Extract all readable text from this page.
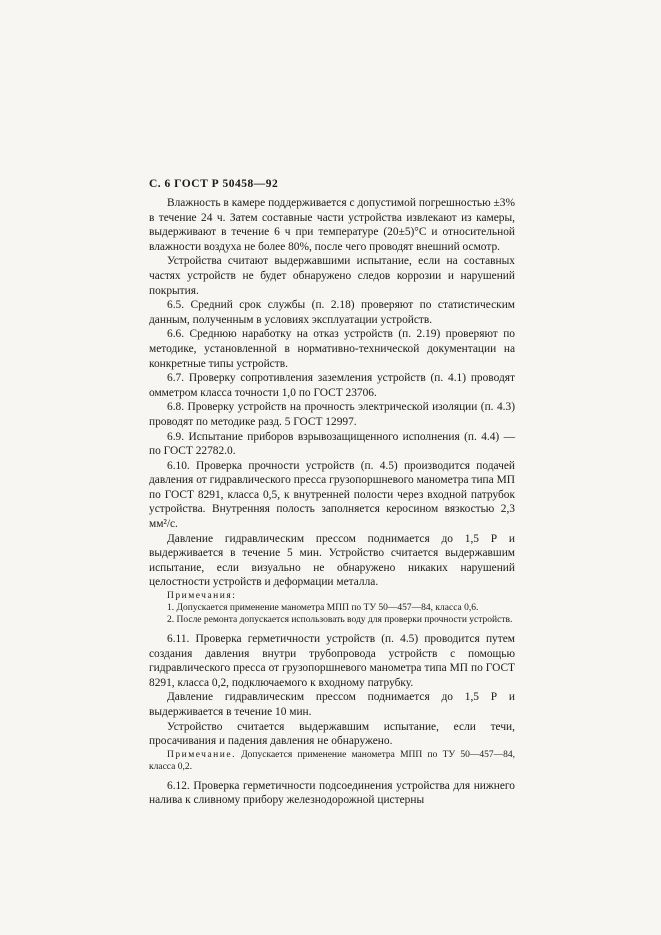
С. 6 ГОСТ Р 50458—92

Влажность в камере поддерживается с допустимой погрешностью ±3% в течение 24 ч. Затем составные части устройства извлекают из камеры, выдерживают в течение 6 ч при температуре (20±5)°С и относительной влажности воздуха не более 80%, после чего проводят внешний осмотр.

Устройства считают выдержавшими испытание, если на составных частях устройств не будет обнаружено следов коррозии и нарушений покрытия.

6.5. Средний срок службы (п. 2.18) проверяют по статистическим данным, полученным в условиях эксплуатации устройств.

6.6. Среднюю наработку на отказ устройств (п. 2.19) проверяют по методике, установленной в нормативно-технической документации на конкретные типы устройств.

6.7. Проверку сопротивления заземления устройств (п. 4.1) проводят омметром класса точности 1,0 по ГОСТ 23706.

6.8. Проверку устройств на прочность электрической изоляции (п. 4.3) проводят по методике разд. 5 ГОСТ 12997.

6.9. Испытание приборов взрывозащищенного исполнения (п. 4.4) — по ГОСТ 22782.0.

6.10. Проверка прочности устройств (п. 4.5) производится подачей давления от гидравлического пресса грузопоршневого манометра типа МП по ГОСТ 8291, класса 0,5, к внутренней полости через входной патрубок устройства. Внутренняя полость заполняется керосином вязкостью 2,3 мм²/с.

Давление гидравлическим прессом поднимается до 1,5 Р и выдерживается в течение 5 мин. Устройство считается выдержавшим испытание, если визуально не обнаружено никаких нарушений целостности устройств и деформации металла.

Примечания:

1. Допускается применение манометра МПП по ТУ 50—457—84, класса 0,6.

2. После ремонта допускается использовать воду для проверки прочности устройств.

6.11. Проверка герметичности устройств (п. 4.5) проводится путем создания давления внутри трубопровода устройств с помощью гидравлического пресса от грузопоршневого манометра типа МП по ГОСТ 8291, класса 0,2, подключаемого к входному патрубку.

Давление гидравлическим прессом поднимается до 1,5 Р и выдерживается в течение 10 мин.

Устройство считается выдержавшим испытание, если течи, просачивания и падения давления не обнаружено.

Примечание. Допускается применение манометра МПП по ТУ 50—457—84, класса 0,2.

6.12. Проверка герметичности подсоединения устройства для нижнего налива к сливному прибору железнодорожной цистерны
